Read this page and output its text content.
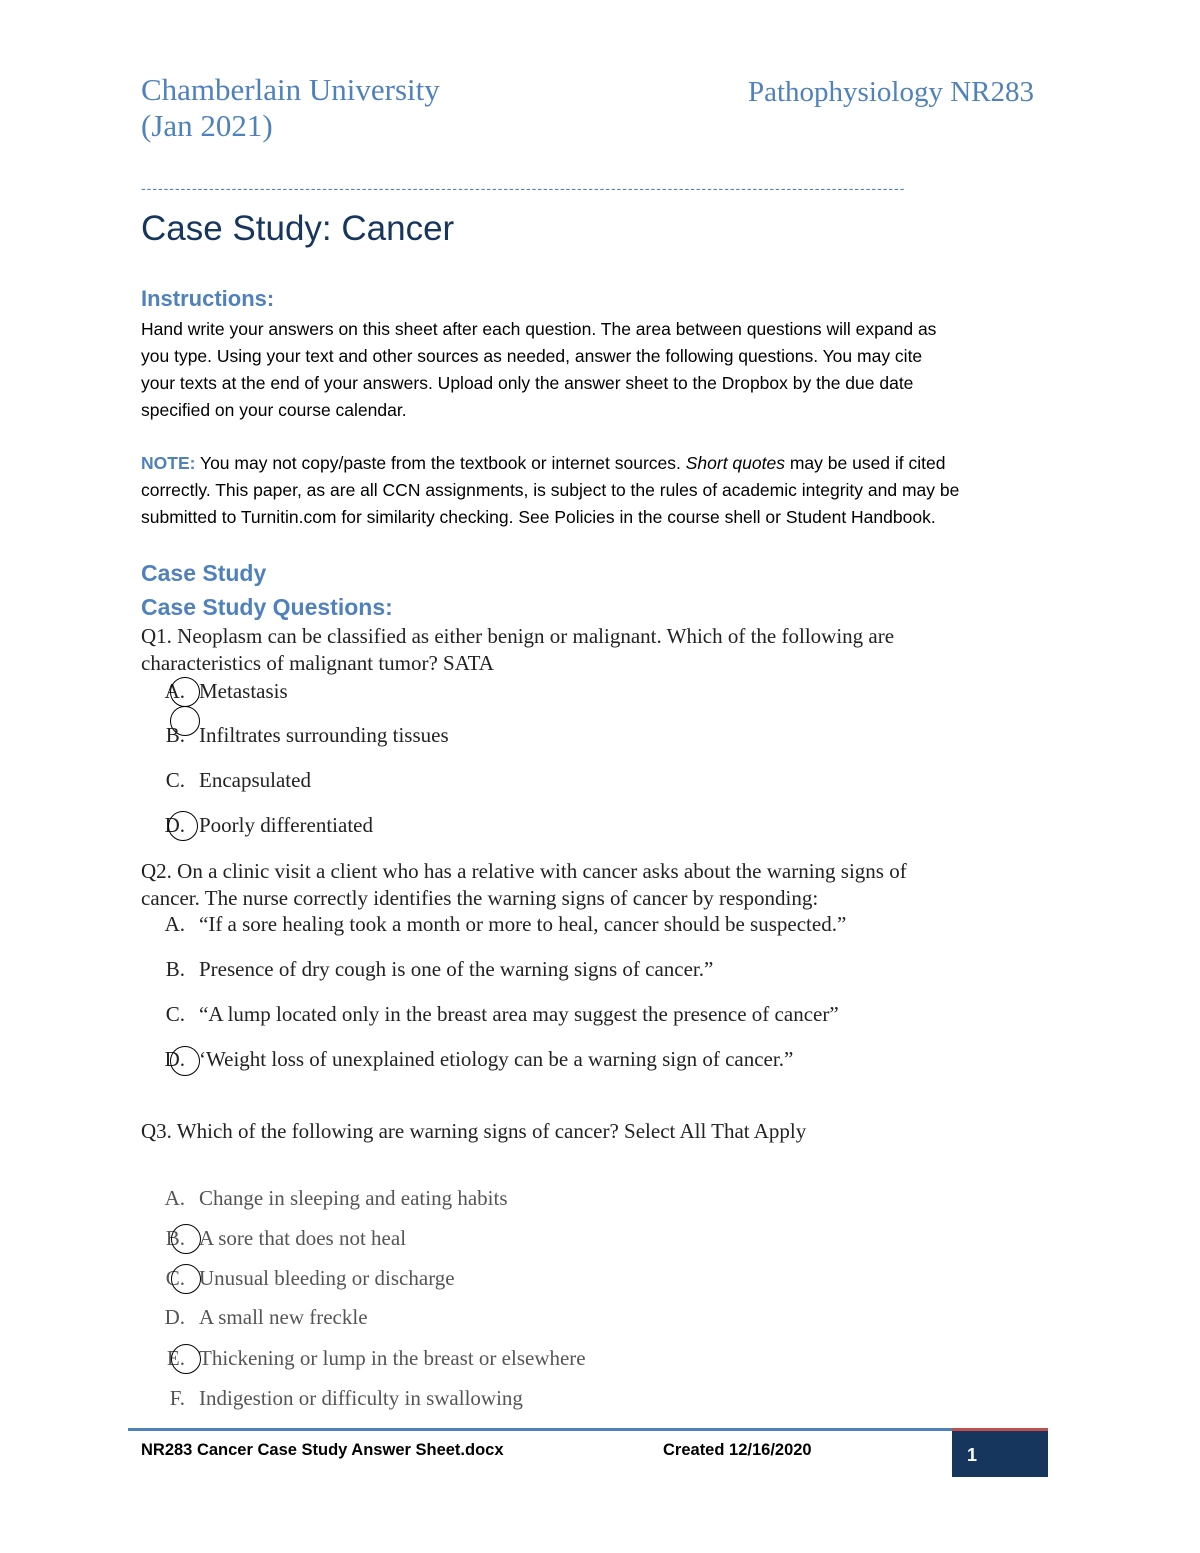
Chamberlain University
(Jan 2021)
Pathophysiology NR283
---------------------------------------------------------------------------------------------------------------------------------------
Case Study: Cancer
Instructions:
Hand write your answers on this sheet after each question. The area between questions will expand as
you type. Using your text and other sources as needed, answer the following questions. You may cite
your texts at the end of your answers. Upload only the answer sheet to the Dropbox by the due date
specified on your course calendar.
NOTE: You may not copy/paste from the textbook or internet sources. Short quotes may be used if cited
correctly. This paper, as are all CCN assignments, is subject to the rules of academic integrity and may be
submitted to Turnitin.com for similarity checking. See Policies in the course shell or Student Handbook.
Case Study
Case Study Questions:
Q1. Neoplasm can be classified as either benign or malignant. Which of the following are
characteristics of malignant tumor? SATA
A. Metastasis
B. Infiltrates surrounding tissues
C. Encapsulated
D. Poorly differentiated
Q2. On a clinic visit a client who has a relative with cancer asks about the warning signs of
cancer. The nurse correctly identifies the warning signs of cancer by responding:
A. “If a sore healing took a month or more to heal, cancer should be suspected.”
B. Presence of dry cough is one of the warning signs of cancer.”
C. “A lump located only in the breast area may suggest the presence of cancer”
D. ‘Weight loss of unexplained etiology can be a warning sign of cancer.”
Q3. Which of the following are warning signs of cancer? Select All That Apply
A. Change in sleeping and eating habits
B. A sore that does not heal
C. Unusual bleeding or discharge
D. A small new freckle
E. Thickening or lump in the breast or elsewhere
F. Indigestion or difficulty in swallowing
NR283 Cancer Case Study Answer Sheet.docx	Created 12/16/2020	1
